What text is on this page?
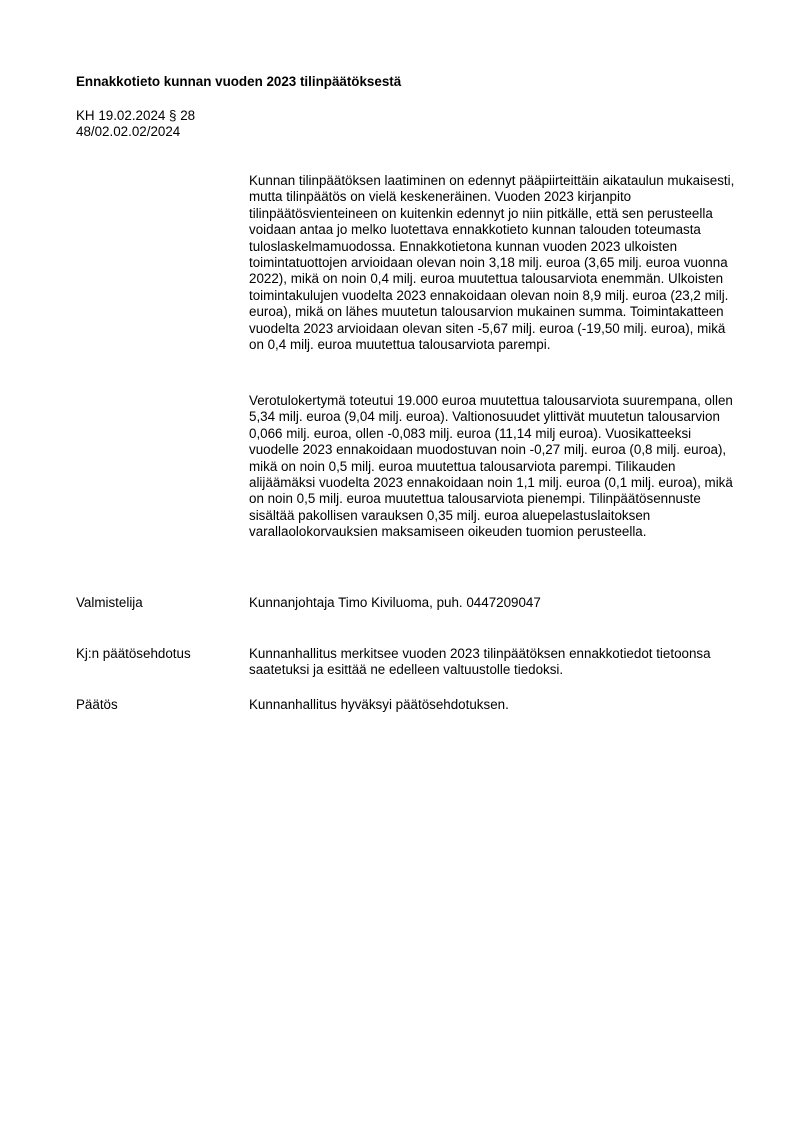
Ennakkotieto kunnan vuoden 2023 tilinpäätöksestä
KH 19.02.2024 § 28
48/02.02.02/2024

Kunnan tilinpäätöksen laatiminen on edennyt pääpiirteittäin aikataulun mukaisesti, mutta tilinpäätös on vielä keskeneräinen. Vuoden 2023 kirjanpito tilinpäätösvienteineen on kuitenkin edennyt jo niin pitkälle, että sen perusteella voidaan antaa jo melko luotettava ennakkotieto kunnan talouden toteumasta tuloslaskelmamuodossa. Ennakkotietona kunnan vuoden 2023 ulkoisten toimintatuottojen arvioidaan olevan noin 3,18 milj. euroa (3,65 milj. euroa vuonna 2022), mikä on noin 0,4 milj. euroa muutettua talousarviota enemmän. Ulkoisten toimintakulujen vuodelta 2023 ennakoidaan olevan noin 8,9 milj. euroa (23,2 milj. euroa), mikä on lähes muutetun talousarvion mukainen summa. Toimintakatteen vuodelta 2023 arvioidaan olevan siten -5,67 milj. euroa (-19,50 milj. euroa), mikä on 0,4 milj. euroa muutettua talousarviota parempi.

Verotulokertymä toteutui 19.000 euroa muutettua talousarviota suurempana, ollen 5,34 milj. euroa (9,04 milj. euroa). Valtionosuudet ylittivät muutetun talousarvion 0,066 milj. euroa, ollen -0,083 milj. euroa (11,14 milj euroa). Vuosikatteeksi vuodelle 2023 ennakoidaan muodostuvan noin -0,27 milj. euroa (0,8 milj. euroa), mikä on noin 0,5 milj. euroa muutettua talousarviota parempi. Tilikauden alijäämäksi vuodelta 2023 ennakoidaan noin 1,1 milj. euroa (0,1 milj. euroa), mikä on noin 0,5 milj. euroa muutettua talousarviota pienempi. Tilinpäätösennuste sisältää pakollisen varauksen 0,35 milj. euroa aluepelastuslaitoksen varallaolokorvauksien maksamiseen oikeuden tuomion perusteella.

Valmistelija	Kunnanjohtaja Timo Kiviluoma, puh. 0447209047
Kj:n päätösehdotus	Kunnanhallitus merkitsee vuoden 2023 tilinpäätöksen ennakkotiedot tietoonsa saatetuksi ja esittää ne edelleen valtuustolle tiedoksi.
Päätös	Kunnanhallitus hyväksyi päätösehdotuksen.
